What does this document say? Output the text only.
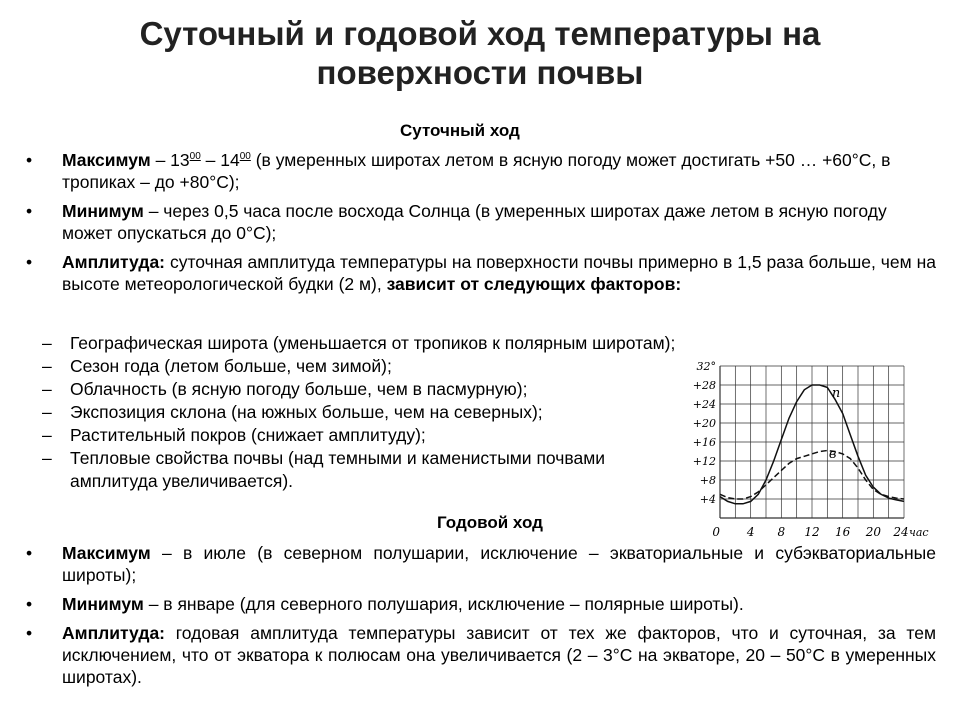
Суточный и годовой ход температуры на
поверхности почвы
Суточный ход
• Максимум – $13^{00} - 14^{00}$ (в умеренных широтах летом в ясную погоду может достигать +50 … +60°С, в тропиках – до +80°С);
• Минимум – через 0,5 часа после восхода Солнца (в умеренных широтах даже летом в ясную погоду может опускаться до 0°С);
• Амплитуда: суточная амплитуда температуры на поверхности почвы примерно в 1,5 раза больше, чем на высоте метеорологической будки (2 м), зависит от следующих факторов:
– Географическая широта (уменьшается от тропиков к полярным широтам);
– Сезон года (летом больше, чем зимой);
– Облачность (в ясную погоду больше, чем в пасмурную);
– Экспозиция склона (на южных больше, чем на северных);
– Растительный покров (снижает амплитуду);
– Тепловые свойства почвы (над темными и каменистыми почвами амплитуда увеличивается).
Годовой ход
• Максимум – в июле (в северном полушарии, исключение – экваториальные и субэкваториальные широты);
• Минимум – в январе (для северного полушария, исключение – полярные широты).
• Амплитуда: годовая амплитуда температуры зависит от тех же факторов, что и суточная, за тем исключением, что от экватора к полюсам она увеличивается (2 – 3°С на экваторе, 20 – 50°С в умеренных широтах).
+4
+8
+12
+16
+20
+24
+28
32°
0 4 8 12 16 20 24 час
п
в
